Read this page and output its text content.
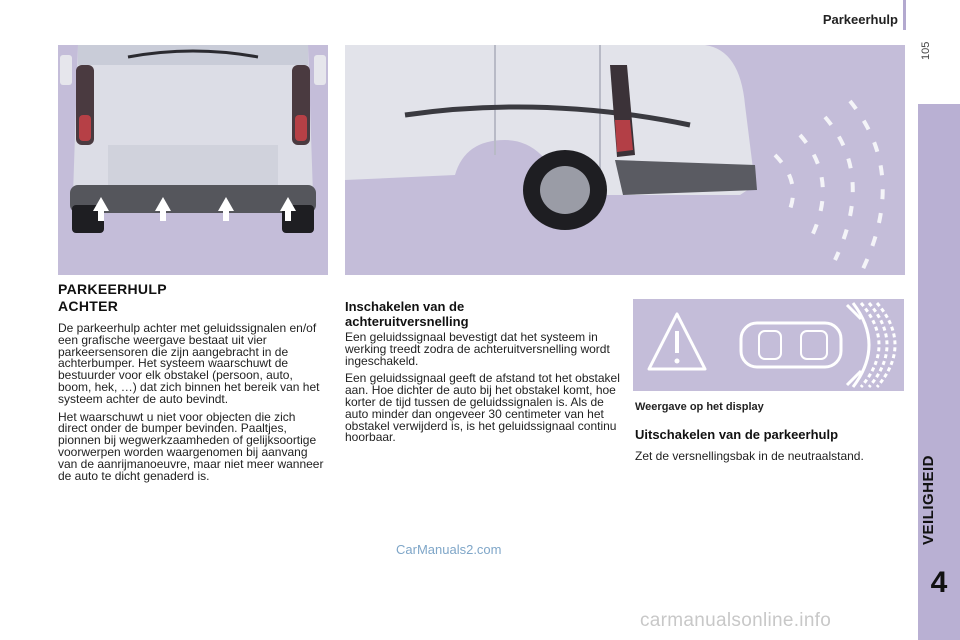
Parkeerhulp
105
VEILIGHEID
4
PARKEERHULP ACHTER

De parkeerhulp achter met geluidssignalen en/of een grafische weergave bestaat uit vier parkeersensoren die zijn aangebracht in de achterbumper. Het systeem waarschuwt de bestuurder voor elk obstakel (persoon, auto, boom, hek, …) dat zich binnen het bereik van het systeem achter de auto bevindt.

Het waarschuwt u niet voor objecten die zich direct onder de bumper bevinden. Paaltjes, pionnen bij wegwerkzaamheden of gelijksoortige voorwerpen worden waargenomen bij aanvang van de aanrijmanoeuvre, maar niet meer wanneer de auto te dicht genaderd is.

Inschakelen van de achteruitversnelling

Een geluidssignaal bevestigt dat het systeem in werking treedt zodra de achteruitversnelling wordt ingeschakeld.

Een geluidssignaal geeft de afstand tot het obstakel aan. Hoe dichter de auto bij het obstakel komt, hoe korter de tijd tussen de geluidssignalen is. Als de auto minder dan ongeveer 30 centimeter van het obstakel verwijderd is, is het geluidssignaal continu hoorbaar.

Weergave op het display
Uitschakelen van de parkeerhulp

Zet de versnellingsbak in de neutraalstand.

CarManuals2.com
carmanualsonline.info
